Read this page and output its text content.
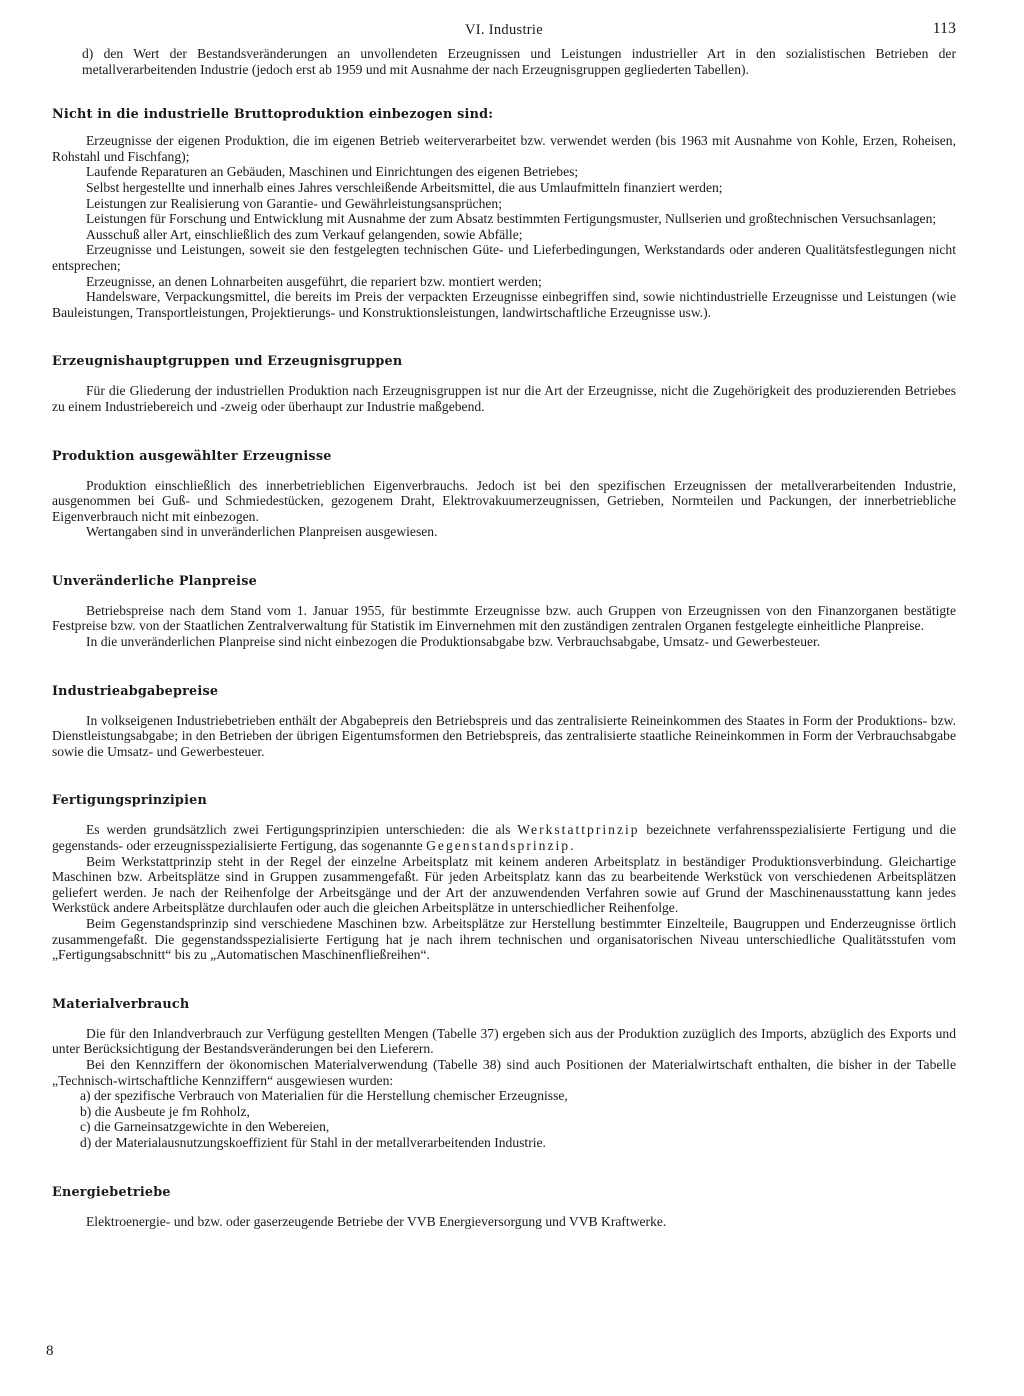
VI. Industrie	113

d) den Wert der Bestandsveränderungen an unvollendeten Erzeugnissen und Leistungen industrieller Art in den sozialistischen Betrieben der metallverarbeitenden Industrie (jedoch erst ab 1959 und mit Ausnahme der nach Erzeugnisgruppen gegliederten Tabellen).

Nicht in die industrielle Bruttoproduktion einbezogen sind:

Erzeugnisse der eigenen Produktion, die im eigenen Betrieb weiterverarbeitet bzw. verwendet werden (bis 1963 mit Ausnahme von Kohle, Erzen, Roheisen, Rohstahl und Fischfang);

Laufende Reparaturen an Gebäuden, Maschinen und Einrichtungen des eigenen Betriebes;

Selbst hergestellte und innerhalb eines Jahres verschleißende Arbeitsmittel, die aus Umlaufmitteln finanziert werden;

Leistungen zur Realisierung von Garantie- und Gewährleistungsansprüchen;

Leistungen für Forschung und Entwicklung mit Ausnahme der zum Absatz bestimmten Fertigungsmuster, Nullserien und großtechnischen Versuchsanlagen;

Ausschuß aller Art, einschließlich des zum Verkauf gelangenden, sowie Abfälle;

Erzeugnisse und Leistungen, soweit sie den festgelegten technischen Güte- und Lieferbedingungen, Werkstandards oder anderen Qualitätsfestlegungen nicht entsprechen;

Erzeugnisse, an denen Lohnarbeiten ausgeführt, die repariert bzw. montiert werden;

Handelsware, Verpackungsmittel, die bereits im Preis der verpackten Erzeugnisse einbegriffen sind, sowie nichtindustrielle Erzeugnisse und Leistungen (wie Bauleistungen, Transportleistungen, Projektierungs- und Konstruktionsleistungen, landwirtschaftliche Erzeugnisse usw.).

Erzeugnishauptgruppen und Erzeugnisgruppen

Für die Gliederung der industriellen Produktion nach Erzeugnisgruppen ist nur die Art der Erzeugnisse, nicht die Zugehörigkeit des produzierenden Betriebes zu einem Industriebereich und -zweig oder überhaupt zur Industrie maßgebend.

Produktion ausgewählter Erzeugnisse

Produktion einschließlich des innerbetrieblichen Eigenverbrauchs. Jedoch ist bei den spezifischen Erzeugnissen der metallverarbeitenden Industrie, ausgenommen bei Guß- und Schmiedestücken, gezogenem Draht, Elektrovakuumerzeugnissen, Getrieben, Normteilen und Packungen, der innerbetriebliche Eigenverbrauch nicht mit einbezogen.

Wertangaben sind in unveränderlichen Planpreisen ausgewiesen.

Unveränderliche Planpreise

Betriebspreise nach dem Stand vom 1. Januar 1955, für bestimmte Erzeugnisse bzw. auch Gruppen von Erzeugnissen von den Finanzorganen bestätigte Festpreise bzw. von der Staatlichen Zentralverwaltung für Statistik im Einvernehmen mit den zuständigen zentralen Organen festgelegte einheitliche Planpreise.

In die unveränderlichen Planpreise sind nicht einbezogen die Produktionsabgabe bzw. Verbrauchsabgabe, Umsatz- und Gewerbesteuer.

Industrieabgabepreise

In volkseigenen Industriebetrieben enthält der Abgabepreis den Betriebspreis und das zentralisierte Reineinkommen des Staates in Form der Produktions- bzw. Dienstleistungsabgabe; in den Betrieben der übrigen Eigentumsformen den Betriebspreis, das zentralisierte staatliche Reineinkommen in Form der Verbrauchsabgabe sowie die Umsatz- und Gewerbesteuer.

Fertigungsprinzipien

Es werden grundsätzlich zwei Fertigungsprinzipien unterschieden: die als Werkstattprinzip bezeichnete verfahrensspezialisierte Fertigung und die gegenstands- oder erzeugnisspezialisierte Fertigung, das sogenannte Gegenstandsprinzip.

Beim Werkstattprinzip steht in der Regel der einzelne Arbeitsplatz mit keinem anderen Arbeitsplatz in beständiger Produktionsverbindung. Gleichartige Maschinen bzw. Arbeitsplätze sind in Gruppen zusammengefaßt. Für jeden Arbeitsplatz kann das zu bearbeitende Werkstück von verschiedenen Arbeitsplätzen geliefert werden. Je nach der Reihenfolge der Arbeitsgänge und der Art der anzuwendenden Verfahren sowie auf Grund der Maschinenausstattung kann jedes Werkstück andere Arbeitsplätze durchlaufen oder auch die gleichen Arbeitsplätze in unterschiedlicher Reihenfolge.

Beim Gegenstandsprinzip sind verschiedene Maschinen bzw. Arbeitsplätze zur Herstellung bestimmter Einzelteile, Baugruppen und Enderzeugnisse örtlich zusammengefaßt. Die gegenstandsspezialisierte Fertigung hat je nach ihrem technischen und organisatorischen Niveau unterschiedliche Qualitätsstufen vom „Fertigungsabschnitt“ bis zu „Automatischen Maschinenfließreihen“.

Materialverbrauch

Die für den Inlandverbrauch zur Verfügung gestellten Mengen (Tabelle 37) ergeben sich aus der Produktion zuzüglich des Imports, abzüglich des Exports und unter Berücksichtigung der Bestandsveränderungen bei den Lieferern.

Bei den Kennziffern der ökonomischen Materialverwendung (Tabelle 38) sind auch Positionen der Materialwirtschaft enthalten, die bisher in der Tabelle „Technisch-wirtschaftliche Kennziffern“ ausgewiesen wurden:

a) der spezifische Verbrauch von Materialien für die Herstellung chemischer Erzeugnisse,
b) die Ausbeute je fm Rohholz,
c) die Garneinsatzgewichte in den Webereien,
d) der Materialausnutzungskoeffizient für Stahl in der metallverarbeitenden Industrie.
Energiebetriebe

Elektroenergie- und bzw. oder gaserzeugende Betriebe der VVB Energieversorgung und VVB Kraftwerke.

8
